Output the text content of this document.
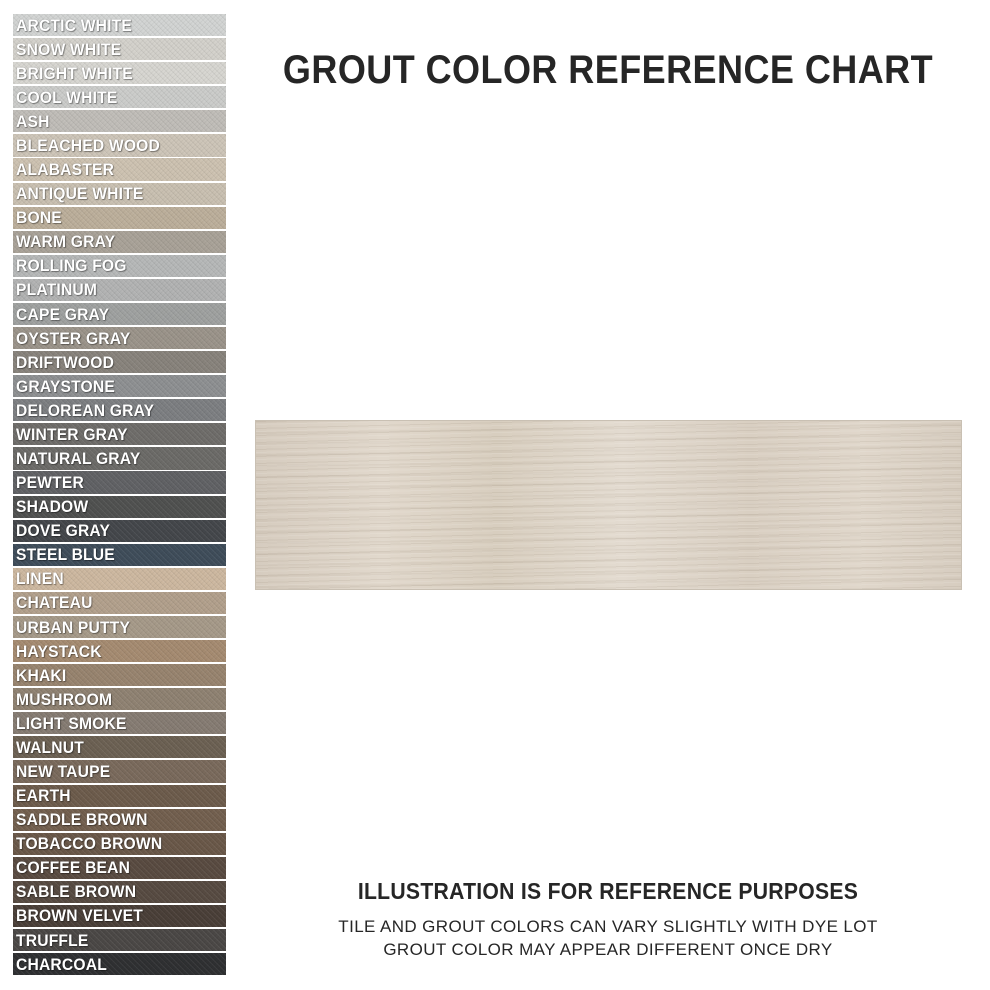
ARCTIC WHITE
SNOW WHITE
BRIGHT WHITE
COOL WHITE
ASH
BLEACHED WOOD
ALABASTER
ANTIQUE WHITE
BONE
WARM GRAY
ROLLING FOG
PLATINUM
CAPE GRAY
OYSTER GRAY
DRIFTWOOD
GRAYSTONE
DELOREAN GRAY
WINTER GRAY
NATURAL GRAY
PEWTER
SHADOW
DOVE GRAY
STEEL BLUE
LINEN
CHATEAU
URBAN PUTTY
HAYSTACK
KHAKI
MUSHROOM
LIGHT SMOKE
WALNUT
NEW TAUPE
EARTH
SADDLE BROWN
TOBACCO BROWN
COFFEE BEAN
SABLE BROWN
BROWN VELVET
TRUFFLE
CHARCOAL
GROUT COLOR REFERENCE CHART
ILLUSTRATION IS FOR REFERENCE PURPOSES
TILE AND GROUT COLORS CAN VARY SLIGHTLY WITH DYE LOT
GROUT COLOR MAY APPEAR DIFFERENT ONCE DRY
